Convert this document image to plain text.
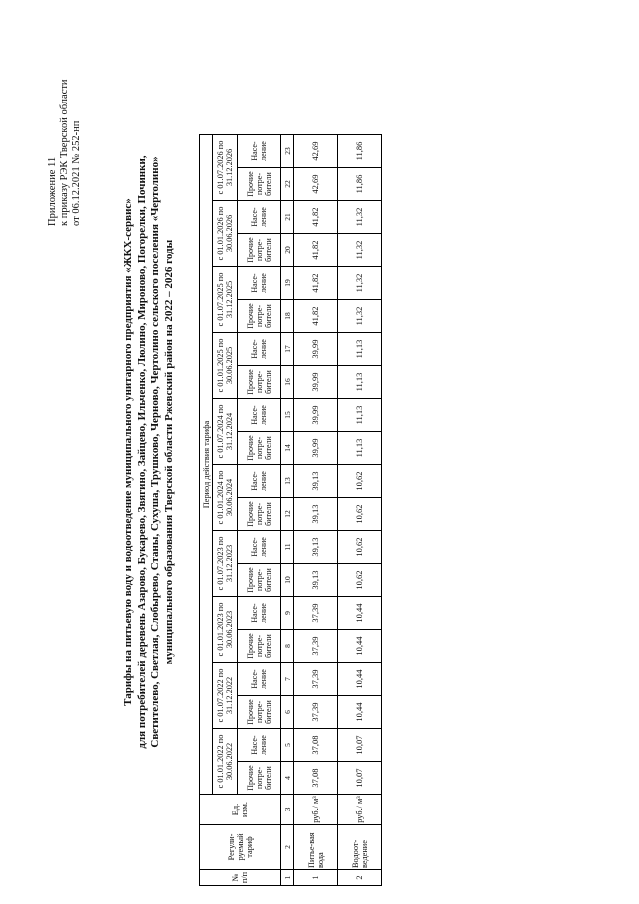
Приложение 11 к приказу РЭК Тверской области от 06.12.2021 № 252-нп
Тарифы на питьевую воду и водоотведение муниципального унитарного предприятия «ЖКХ-сервис» для потребителей деревень Азарово, Букарево, Звягино, Зайцево, Ильченко, Люлино, Мироново, Погорелки, Починки, Светителево, Светлая, Слобырево, Станы, Сухуша, Трушково, Черново, Чертолино сельского поселения «Чертолино» муниципального образования Тверской области Ржевский район на 2022 – 2026 годы
№ п/п	Регули-руемый тариф	Ед. изм.	Период действия тарифа																			
			с 01.01.2022 по 30.06.2022		с 01.07.2022 по 31.12.2022		с 01.01.2023 по 30.06.2023		с 01.07.2023 по 31.12.2023		с 01.01.2024 по 30.06.2024		с 01.07.2024 по 31.12.2024		с 01.01.2025 по 30.06.2025		с 01.07.2025 по 31.12.2025		с 01.01.2026 по 30.06.2026		с 01.07.2026 по 31.12.2026	
			Прочие потре-бители	Насе-ление	Прочие потре-бители	Насе-ление	Прочие потре-бители	Насе-ление	Прочие потре-бители	Насе-ление	Прочие потре-бители	Насе-ление	Прочие потре-бители	Насе-ление	Прочие потре-бители	Насе-ление	Прочие потре-бители	Насе-ление	Прочие потре-бители	Насе-ление	Прочие потре-бители	Насе-ление
1	2	3	4	5	6	7	8	9	10	11	12	13	14	15	16	17	18	19	20	21	22	23
1	Питье-вая вода	руб./ м³	37,08	37,08	37,39	37,39	37,39	37,39	39,13	39,13	39,13	39,13	39,99	39,99	39,99	39,99	41,82	41,82	41,82	41,82	42,69	42,69
2	Водоот-ведение	руб./ м³	10,07	10,07	10,44	10,44	10,44	10,44	10,62	10,62	10,62	10,62	11,13	11,13	11,13	11,13	11,32	11,32	11,32	11,32	11,86	11,86
